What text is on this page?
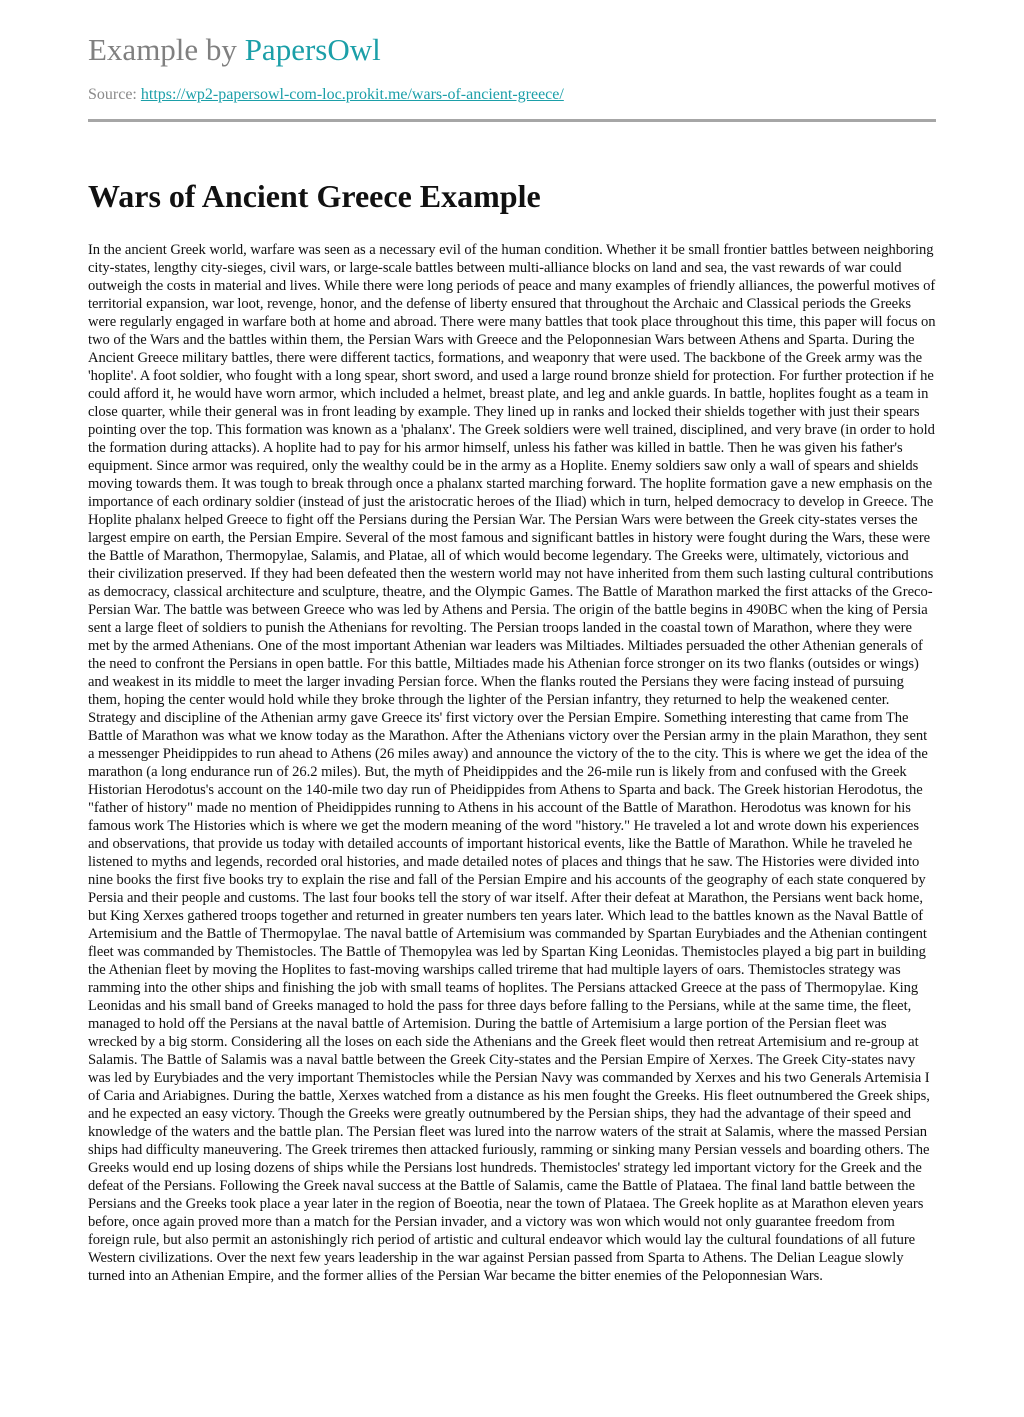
Example by PapersOwl
Source: https://wp2-papersowl-com-loc.prokit.me/wars-of-ancient-greece/
Wars of Ancient Greece Example

In the ancient Greek world, warfare was seen as a necessary evil of the human condition. Whether it be small frontier battles between neighboring city-states, lengthy city-sieges, civil wars, or large-scale battles between multi-alliance blocks on land and sea, the vast rewards of war could outweigh the costs in material and lives. While there were long periods of peace and many examples of friendly alliances, the powerful motives of territorial expansion, war loot, revenge, honor, and the defense of liberty ensured that throughout the Archaic and Classical periods the Greeks were regularly engaged in warfare both at home and abroad. There were many battles that took place throughout this time, this paper will focus on two of the Wars and the battles within them, the Persian Wars with Greece and the Peloponnesian Wars between Athens and Sparta. During the Ancient Greece military battles, there were different tactics, formations, and weaponry that were used. The backbone of the Greek army was the 'hoplite'. A foot soldier, who fought with a long spear, short sword, and used a large round bronze shield for protection. For further protection if he could afford it, he would have worn armor, which included a helmet, breast plate, and leg and ankle guards. In battle, hoplites fought as a team in close quarter, while their general was in front leading by example. They lined up in ranks and locked their shields together with just their spears pointing over the top. This formation was known as a 'phalanx'. The Greek soldiers were well trained, disciplined, and very brave (in order to hold the formation during attacks). A hoplite had to pay for his armor himself, unless his father was killed in battle. Then he was given his father's equipment. Since armor was required, only the wealthy could be in the army as a Hoplite. Enemy soldiers saw only a wall of spears and shields moving towards them. It was tough to break through once a phalanx started marching forward. The hoplite formation gave a new emphasis on the importance of each ordinary soldier (instead of just the aristocratic heroes of the Iliad) which in turn, helped democracy to develop in Greece. The Hoplite phalanx helped Greece to fight off the Persians during the Persian War. The Persian Wars were between the Greek city-states verses the largest empire on earth, the Persian Empire. Several of the most famous and significant battles in history were fought during the Wars, these were the Battle of Marathon, Thermopylae, Salamis, and Platae, all of which would become legendary. The Greeks were, ultimately, victorious and their civilization preserved. If they had been defeated then the western world may not have inherited from them such lasting cultural contributions as democracy, classical architecture and sculpture, theatre, and the Olympic Games. The Battle of Marathon marked the first attacks of the Greco-Persian War. The battle was between Greece who was led by Athens and Persia. The origin of the battle begins in 490BC when the king of Persia sent a large fleet of soldiers to punish the Athenians for revolting. The Persian troops landed in the coastal town of Marathon, where they were met by the armed Athenians. One of the most important Athenian war leaders was Miltiades. Miltiades persuaded the other Athenian generals of the need to confront the Persians in open battle. For this battle, Miltiades made his Athenian force stronger on its two flanks (outsides or wings) and weakest in its middle to meet the larger invading Persian force. When the flanks routed the Persians they were facing instead of pursuing them, hoping the center would hold while they broke through the lighter of the Persian infantry, they returned to help the weakened center. Strategy and discipline of the Athenian army gave Greece its' first victory over the Persian Empire. Something interesting that came from The Battle of Marathon was what we know today as the Marathon. After the Athenians victory over the Persian army in the plain Marathon, they sent a messenger Pheidippides to run ahead to Athens (26 miles away) and announce the victory of the to the city. This is where we get the idea of the marathon (a long endurance run of 26.2 miles). But, the myth of Pheidippides and the 26-mile run is likely from and confused with the Greek Historian Herodotus's account on the 140-mile two day run of Pheidippides from Athens to Sparta and back. The Greek historian Herodotus, the "father of history" made no mention of Pheidippides running to Athens in his account of the Battle of Marathon. Herodotus was known for his famous work The Histories which is where we get the modern meaning of the word "history." He traveled a lot and wrote down his experiences and observations, that provide us today with detailed accounts of important historical events, like the Battle of Marathon. While he traveled he listened to myths and legends, recorded oral histories, and made detailed notes of places and things that he saw. The Histories were divided into nine books the first five books try to explain the rise and fall of the Persian Empire and his accounts of the geography of each state conquered by Persia and their people and customs. The last four books tell the story of war itself. After their defeat at Marathon, the Persians went back home, but King Xerxes gathered troops together and returned in greater numbers ten years later. Which lead to the battles known as the Naval Battle of Artemisium and the Battle of Thermopylae. The naval battle of Artemisium was commanded by Spartan Eurybiades and the Athenian contingent fleet was commanded by Themistocles. The Battle of Themopylea was led by Spartan King Leonidas. Themistocles played a big part in building the Athenian fleet by moving the Hoplites to fast-moving warships called trireme that had multiple layers of oars. Themistocles strategy was ramming into the other ships and finishing the job with small teams of hoplites. The Persians attacked Greece at the pass of Thermopylae. King Leonidas and his small band of Greeks managed to hold the pass for three days before falling to the Persians, while at the same time, the fleet, managed to hold off the Persians at the naval battle of Artemision. During the battle of Artemisium a large portion of the Persian fleet was wrecked by a big storm. Considering all the loses on each side the Athenians and the Greek fleet would then retreat Artemisium and re-group at Salamis. The Battle of Salamis was a naval battle between the Greek City-states and the Persian Empire of Xerxes. The Greek City-states navy was led by Eurybiades and the very important Themistocles while the Persian Navy was commanded by Xerxes and his two Generals Artemisia I of Caria and Ariabignes. During the battle, Xerxes watched from a distance as his men fought the Greeks. His fleet outnumbered the Greek ships, and he expected an easy victory. Though the Greeks were greatly outnumbered by the Persian ships, they had the advantage of their speed and knowledge of the waters and the battle plan. The Persian fleet was lured into the narrow waters of the strait at Salamis, where the massed Persian ships had difficulty maneuvering. The Greek triremes then attacked furiously, ramming or sinking many Persian vessels and boarding others. The Greeks would end up losing dozens of ships while the Persians lost hundreds. Themistocles' strategy led important victory for the Greek and the defeat of the Persians. Following the Greek naval success at the Battle of Salamis, came the Battle of Plataea. The final land battle between the Persians and the Greeks took place a year later in the region of Boeotia, near the town of Plataea. The Greek hoplite as at Marathon eleven years before, once again proved more than a match for the Persian invader, and a victory was won which would not only guarantee freedom from foreign rule, but also permit an astonishingly rich period of artistic and cultural endeavor which would lay the cultural foundations of all future Western civilizations. Over the next few years leadership in the war against Persian passed from Sparta to Athens. The Delian League slowly turned into an Athenian Empire, and the former allies of the Persian War became the bitter enemies of the Peloponnesian Wars.
